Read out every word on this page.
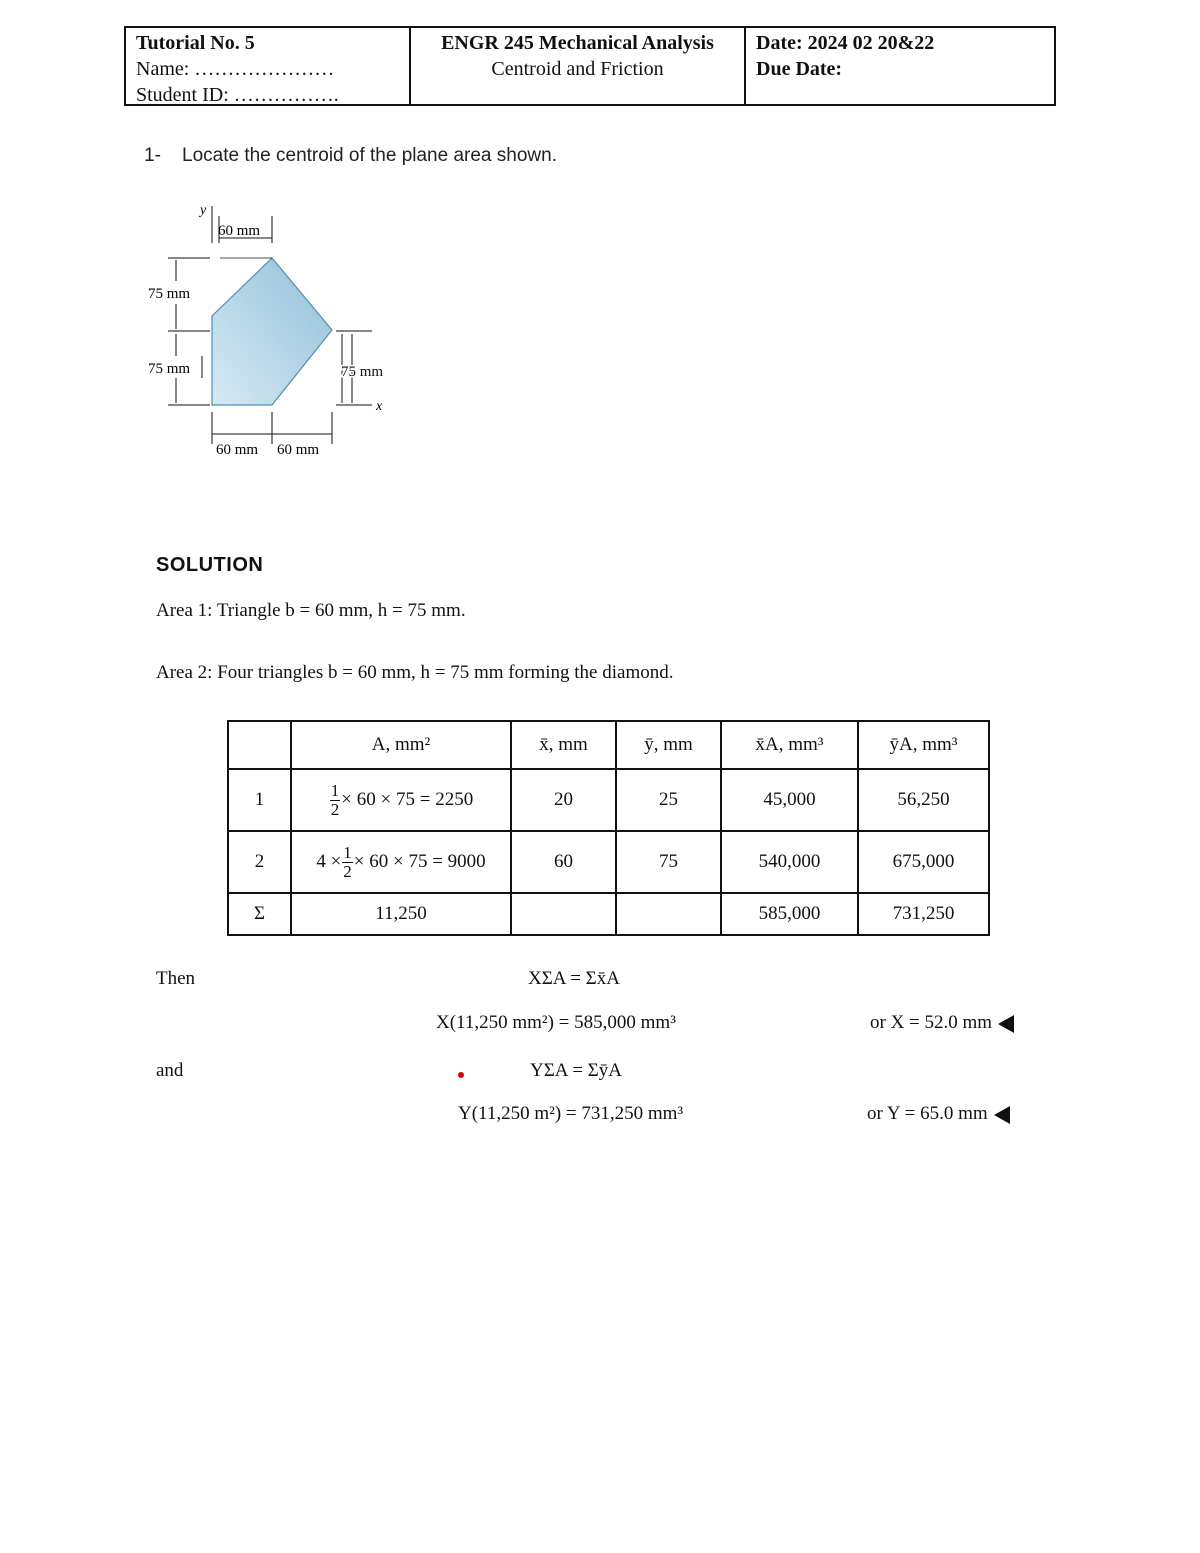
Tutorial No. 5
Name: …………………
Student ID: …………….
ENGR 245 Mechanical Analysis
Centroid and Friction
Date: 2024 02 20&22
Due Date:
1- Locate the centroid of the plane area shown.
y
60 mm
75 mm
75 mm	75 mm
x
60 mm 60 mm
SOLUTION
Area 1: Triangle b = 60 mm, h = 75 mm.
Area 2: Four triangles b = 60 mm, h = 75 mm forming the diamond.
	A, mm²	x̄, mm	ȳ, mm	x̄A, mm³	ȳA, mm³
1	$\frac{1}{2} \times 60 \times 75 = 2250$	20	25	45,000	56,250
2	$4 \times \frac{1}{2} \times 60 \times 75 = 9000$	60	75	540,000	675,000
Σ	11,250			585,000	731,250
Then	XΣA = Σx̄A
X(11,250 mm²) = 585,000 mm³	or X = 52.0 mm
and	YΣA = ΣȳA
Y(11,250 m²) = 731,250 mm³	or Y = 65.0 mm
